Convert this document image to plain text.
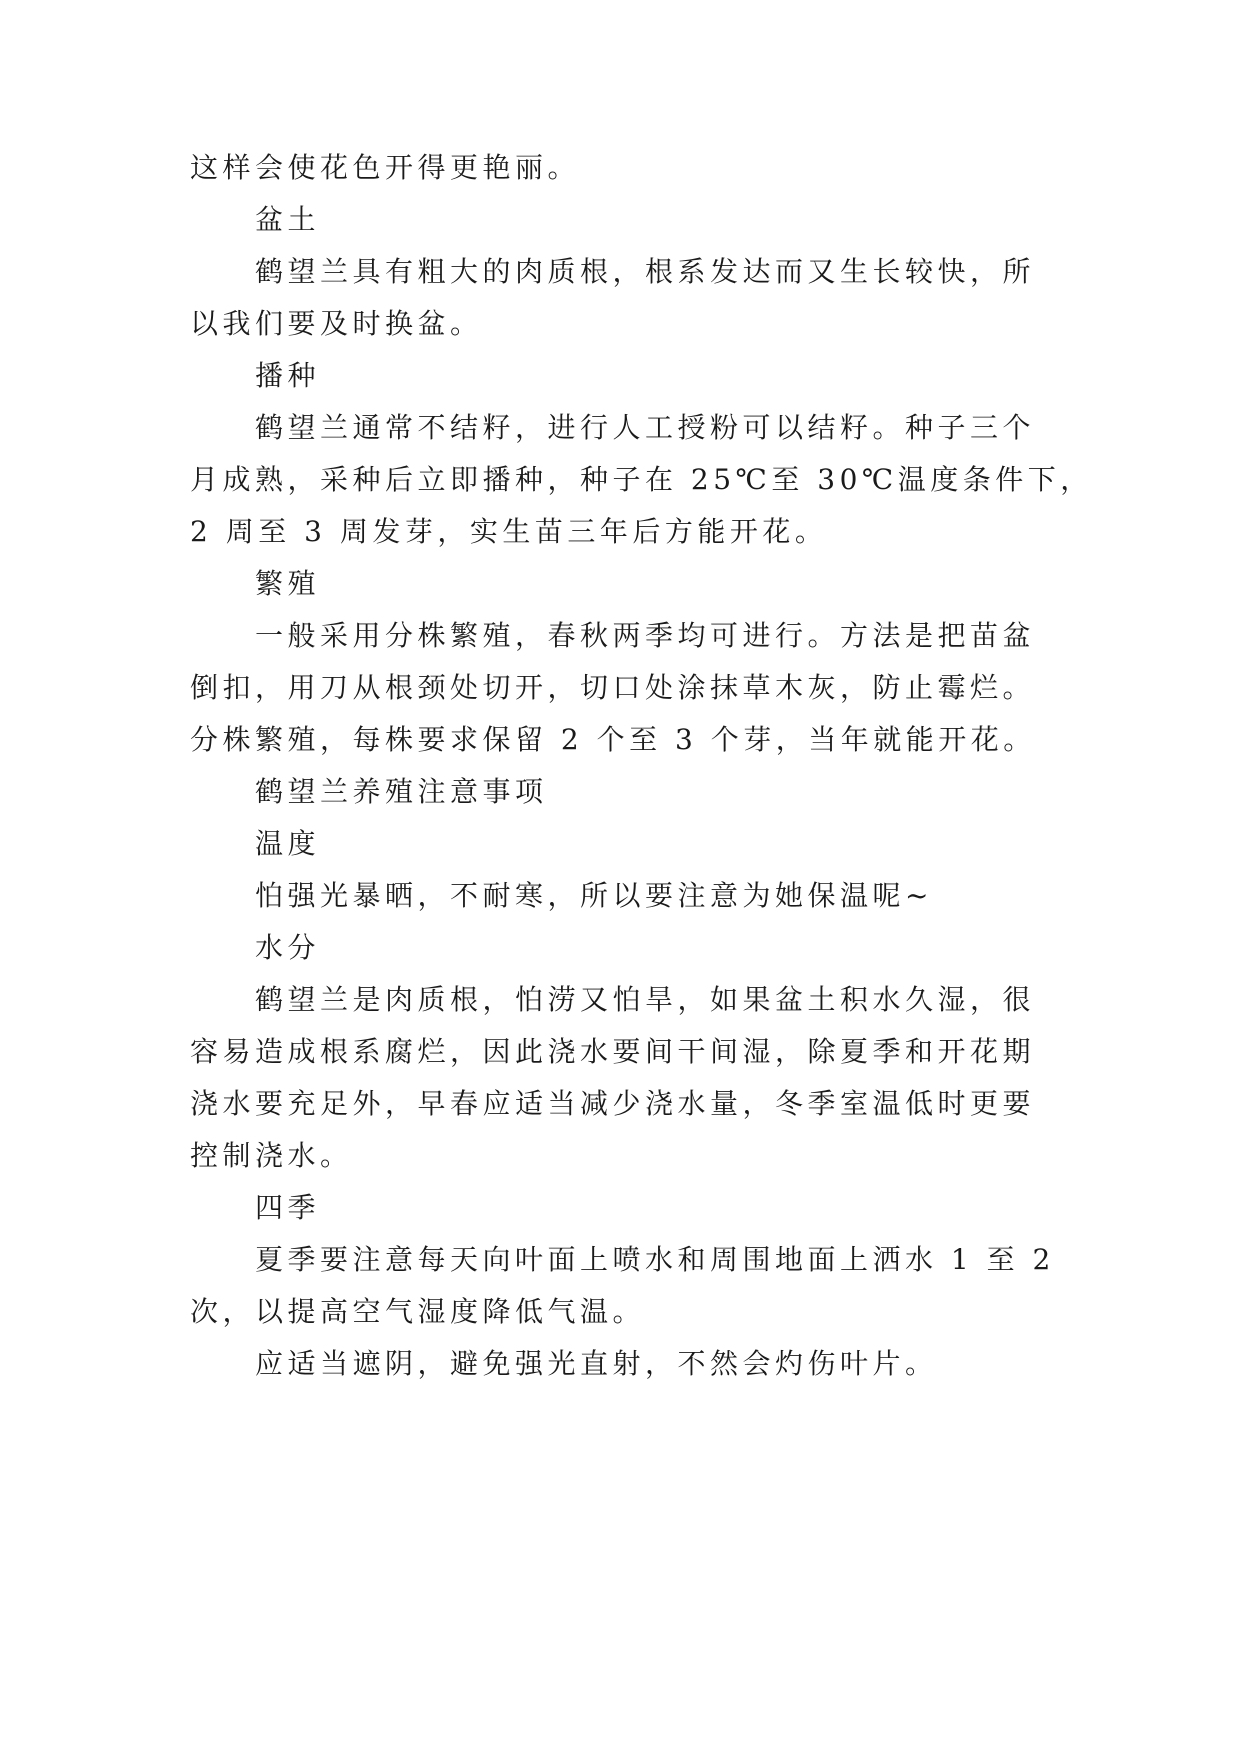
这样会使花色开得更艳丽。
盆土
鹤望兰具有粗大的肉质根，根系发达而又生长较快，所
以我们要及时换盆。
播种
鹤望兰通常不结籽，进行人工授粉可以结籽。种子三个
月成熟，采种后立即播种，种子在 25℃至 30℃温度条件下，
2 周至 3 周发芽，实生苗三年后方能开花。
繁殖
一般采用分株繁殖，春秋两季均可进行。方法是把苗盆
倒扣，用刀从根颈处切开，切口处涂抹草木灰，防止霉烂。
分株繁殖，每株要求保留 2 个至 3 个芽，当年就能开花。
鹤望兰养殖注意事项
温度
怕强光暴晒，不耐寒，所以要注意为她保温呢~
水分
鹤望兰是肉质根，怕涝又怕旱，如果盆土积水久湿，很
容易造成根系腐烂，因此浇水要间干间湿，除夏季和开花期
浇水要充足外，早春应适当减少浇水量，冬季室温低时更要
控制浇水。
四季
夏季要注意每天向叶面上喷水和周围地面上洒水 1 至 2
次，以提高空气湿度降低气温。
应适当遮阴，避免强光直射，不然会灼伤叶片。
